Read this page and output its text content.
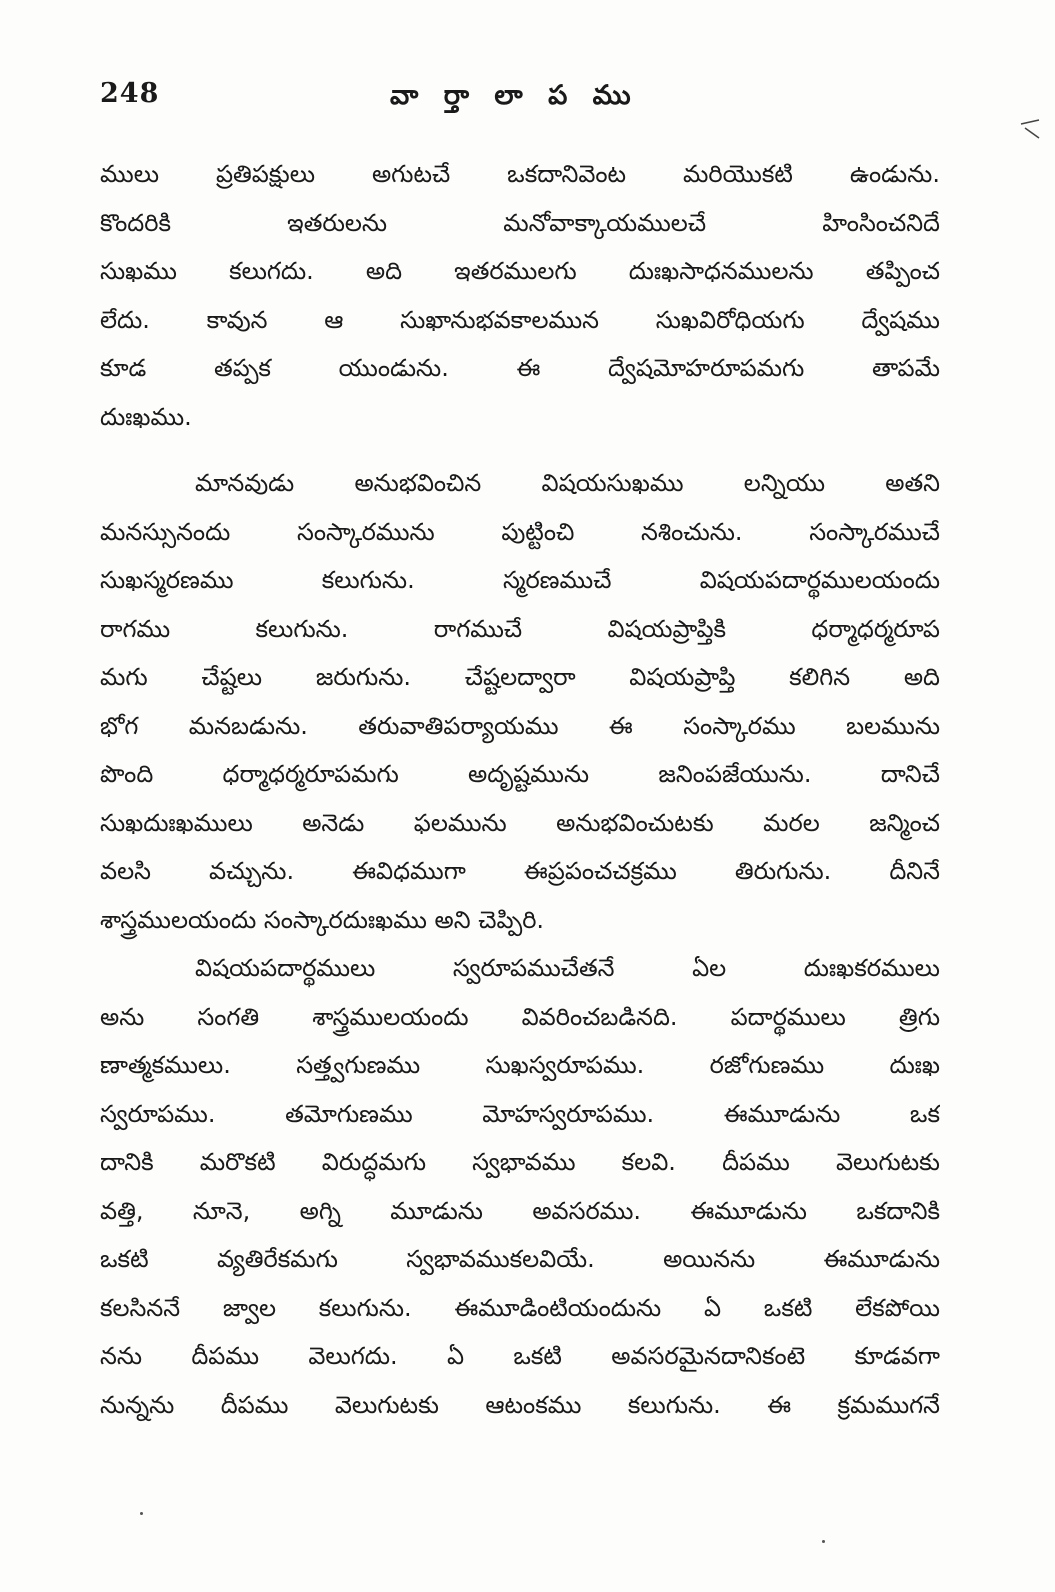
248	వా ర్తా లా ప ము
ములు ప్రతిపక్షులు అగుటచే ఒకదానివెంట మరియొకటి ఉండును.
కొందరికి ఇతరులను మనోవాక్కాయములచే హింసించనిదే
సుఖము కలుగదు. అది ఇతరములగు దుఃఖసాధనములను తప్పించ
లేదు. కావున ఆ సుఖానుభవకాలమున సుఖవిరోధియగు ద్వేషము
కూడ తప్పక యుండును. ఈ ద్వేషమోహరూపమగు తాపమే
దుఃఖము.
మానవుడు అనుభవించిన విషయసుఖము లన్నియు అతని
మనస్సునందు సంస్కారమును పుట్టించి నశించును. సంస్కారముచే
సుఖస్మరణము కలుగును. స్మరణముచే విషయపదార్థములయందు
రాగము కలుగును. రాగముచే విషయప్రాప్తికి ధర్మాధర్మరూప
మగు చేష్టలు జరుగును. చేష్టలద్వారా విషయప్రాప్తి కలిగిన అది
భోగ మనబడును. తరువాతిపర్యాయము ఈ సంస్కారము బలమును
పొంది ధర్మాధర్మరూపమగు అదృష్టమును జనింపజేయును. దానిచే
సుఖదుఃఖములు అనెడు ఫలమును అనుభవించుటకు మరల జన్మించ
వలసి వచ్చును. ఈవిధముగా ఈప్రపంచచక్రము తిరుగును. దీనినే
శాస్త్రములయందు సంస్కారదుఃఖము అని చెప్పిరి.
విషయపదార్థములు స్వరూపముచేతనే ఏల దుఃఖకరములు
అను సంగతి శాస్త్రములయందు వివరించబడినది. పదార్థములు త్రిగు
ణాత్మకములు. సత్త్వగుణము సుఖస్వరూపము. రజోగుణము దుఃఖ
స్వరూపము. తమోగుణము మోహస్వరూపము. ఈమూడును ఒక
దానికి మరొకటి విరుద్ధమగు స్వభావము కలవి. దీపము వెలుగుటకు
వత్తి, నూనె, అగ్ని మూడును అవసరము. ఈమూడును ఒకదానికి
ఒకటి వ్యతిరేకమగు స్వభావముకలవియే. అయినను ఈమూడును
కలసిననే జ్వాల కలుగును. ఈమూడింటియందును ఏ ఒకటి లేకపోయి
నను దీపము వెలుగదు. ఏ ఒకటి అవసరమైనదానికంటె కూడవగా
నున్నను దీపము వెలుగుటకు ఆటంకము కలుగును. ఈ క్రమముగనే
